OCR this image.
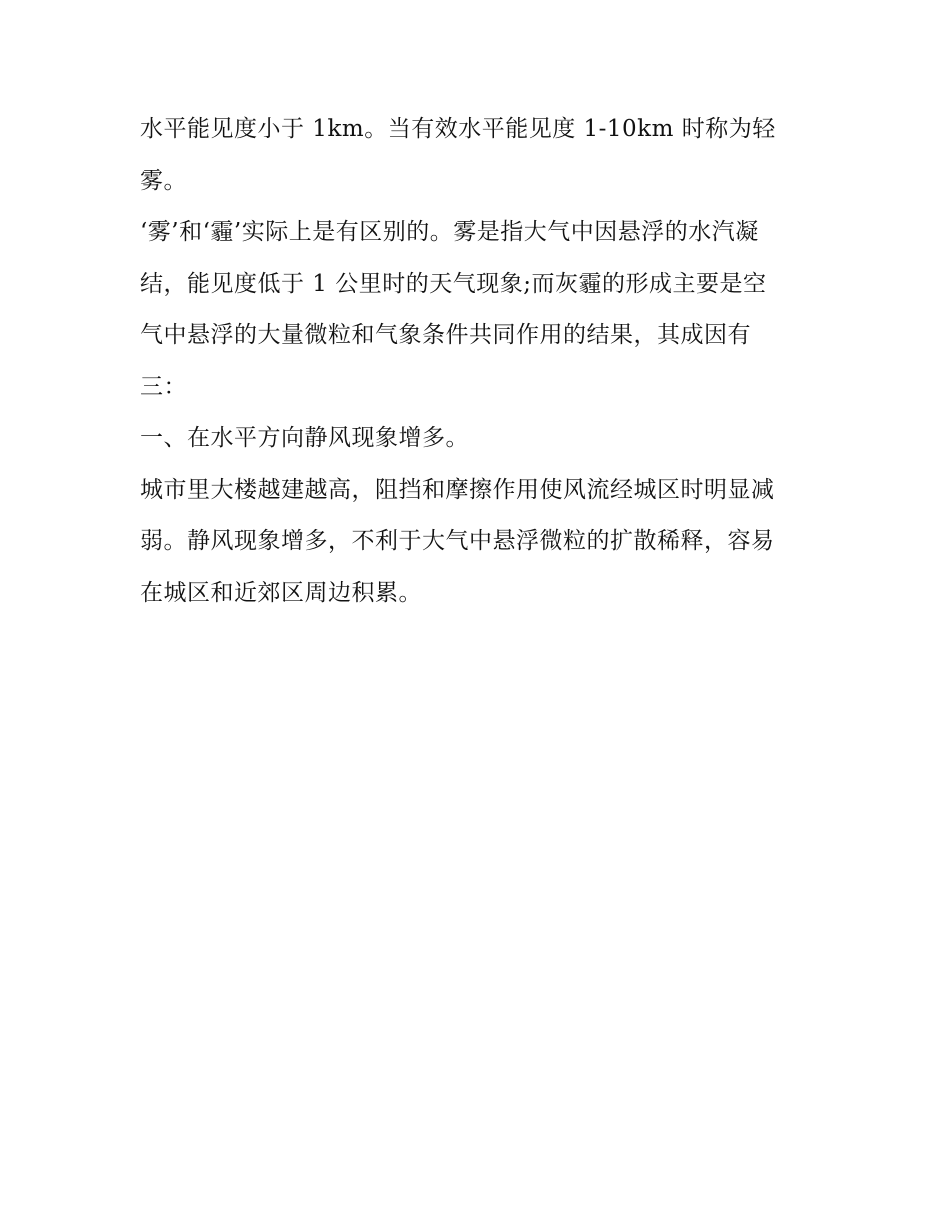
水平能见度小于 1km。当有效水平能见度 1-10km 时称为轻
雾。
‘雾’和‘霾’实际上是有区别的。雾是指大气中因悬浮的水汽凝
结，能见度低于 1 公里时的天气现象;而灰霾的形成主要是空
气中悬浮的大量微粒和气象条件共同作用的结果，其成因有
三：
一、在水平方向静风现象增多。
城市里大楼越建越高，阻挡和摩擦作用使风流经城区时明显减
弱。静风现象增多，不利于大气中悬浮微粒的扩散稀释，容易
在城区和近郊区周边积累。
